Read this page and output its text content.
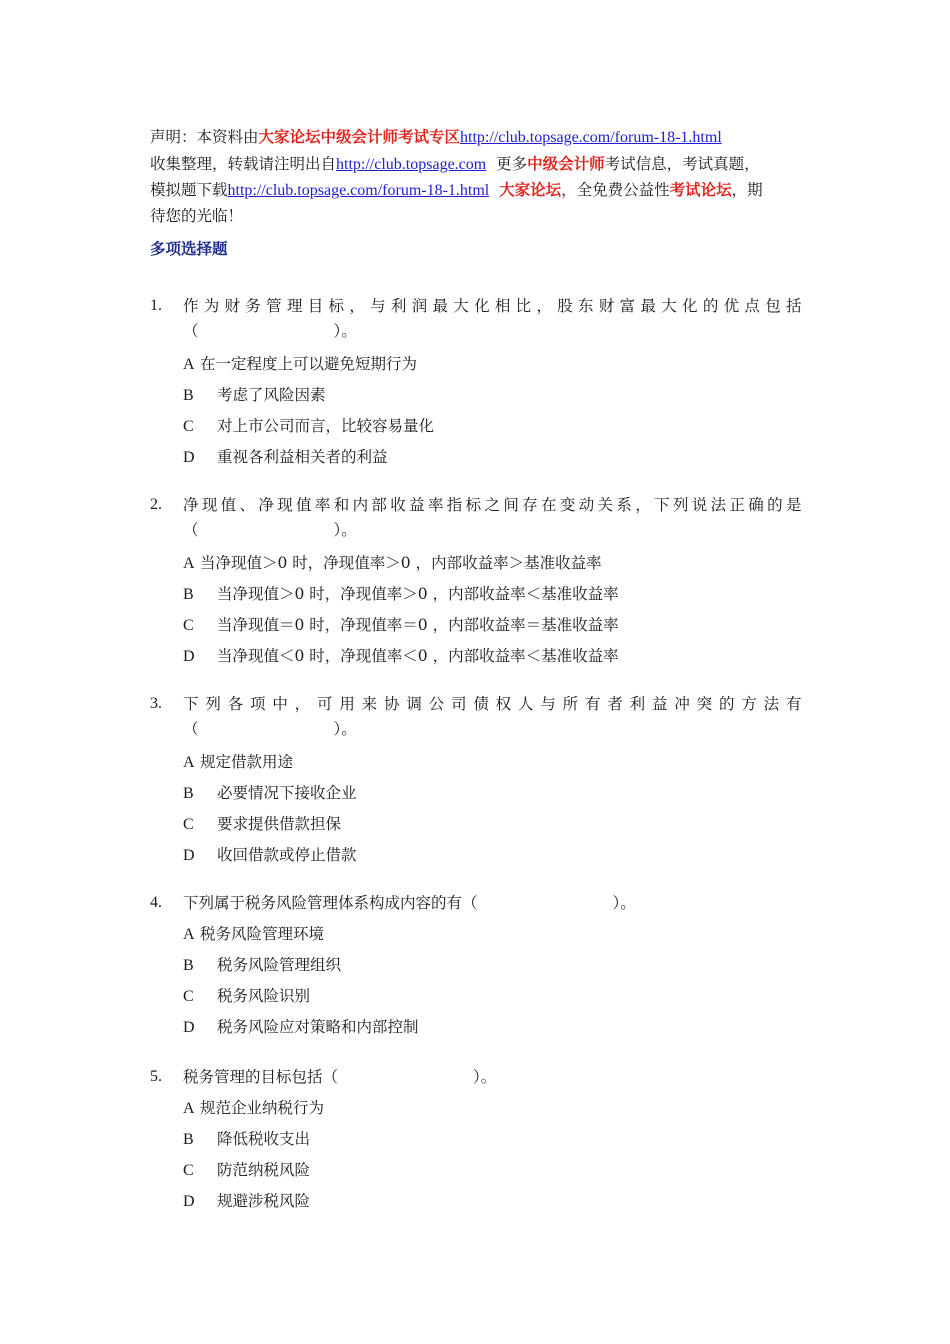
声明：本资料由大家论坛中级会计师考试专区http://club.topsage.com/forum-18-1.html
收集整理，转载请注明出自http://club.topsage.com 更多中级会计师考试信息，考试真题，
模拟题下载http://club.topsage.com/forum-18-1.html 大家论坛，全免费公益性考试论坛，期
待您的光临！
多项选择题
1. 作为财务管理目标，与利润最大化相比，股东财富最大化的优点包括
（	）。
A 在一定程度上可以避免短期行为
B 考虑了风险因素
C 对上市公司而言，比较容易量化
D 重视各利益相关者的利益
2. 净现值、净现值率和内部收益率指标之间存在变动关系，下列说法正确的是
（	）。
A 当净现值＞0 时，净现值率＞0 ，内部收益率＞基准收益率
B 当净现值＞0 时，净现值率＞0 ，内部收益率＜基准收益率
C 当净现值＝0 时，净现值率＝0 ，内部收益率＝基准收益率
D 当净现值＜0 时，净现值率＜0 ，内部收益率＜基准收益率
3. 下列各项中，可用来协调公司债权人与所有者利益冲突的方法有
（	）。
A 规定借款用途
B 必要情况下接收企业
C 要求提供借款担保
D 收回借款或停止借款
4. 下列属于税务风险管理体系构成内容的有（	）。
A 税务风险管理环境
B 税务风险管理组织
C 税务风险识别
D 税务风险应对策略和内部控制
5. 税务管理的目标包括（	）。
A 规范企业纳税行为
B 降低税收支出
C 防范纳税风险
D 规避涉税风险
